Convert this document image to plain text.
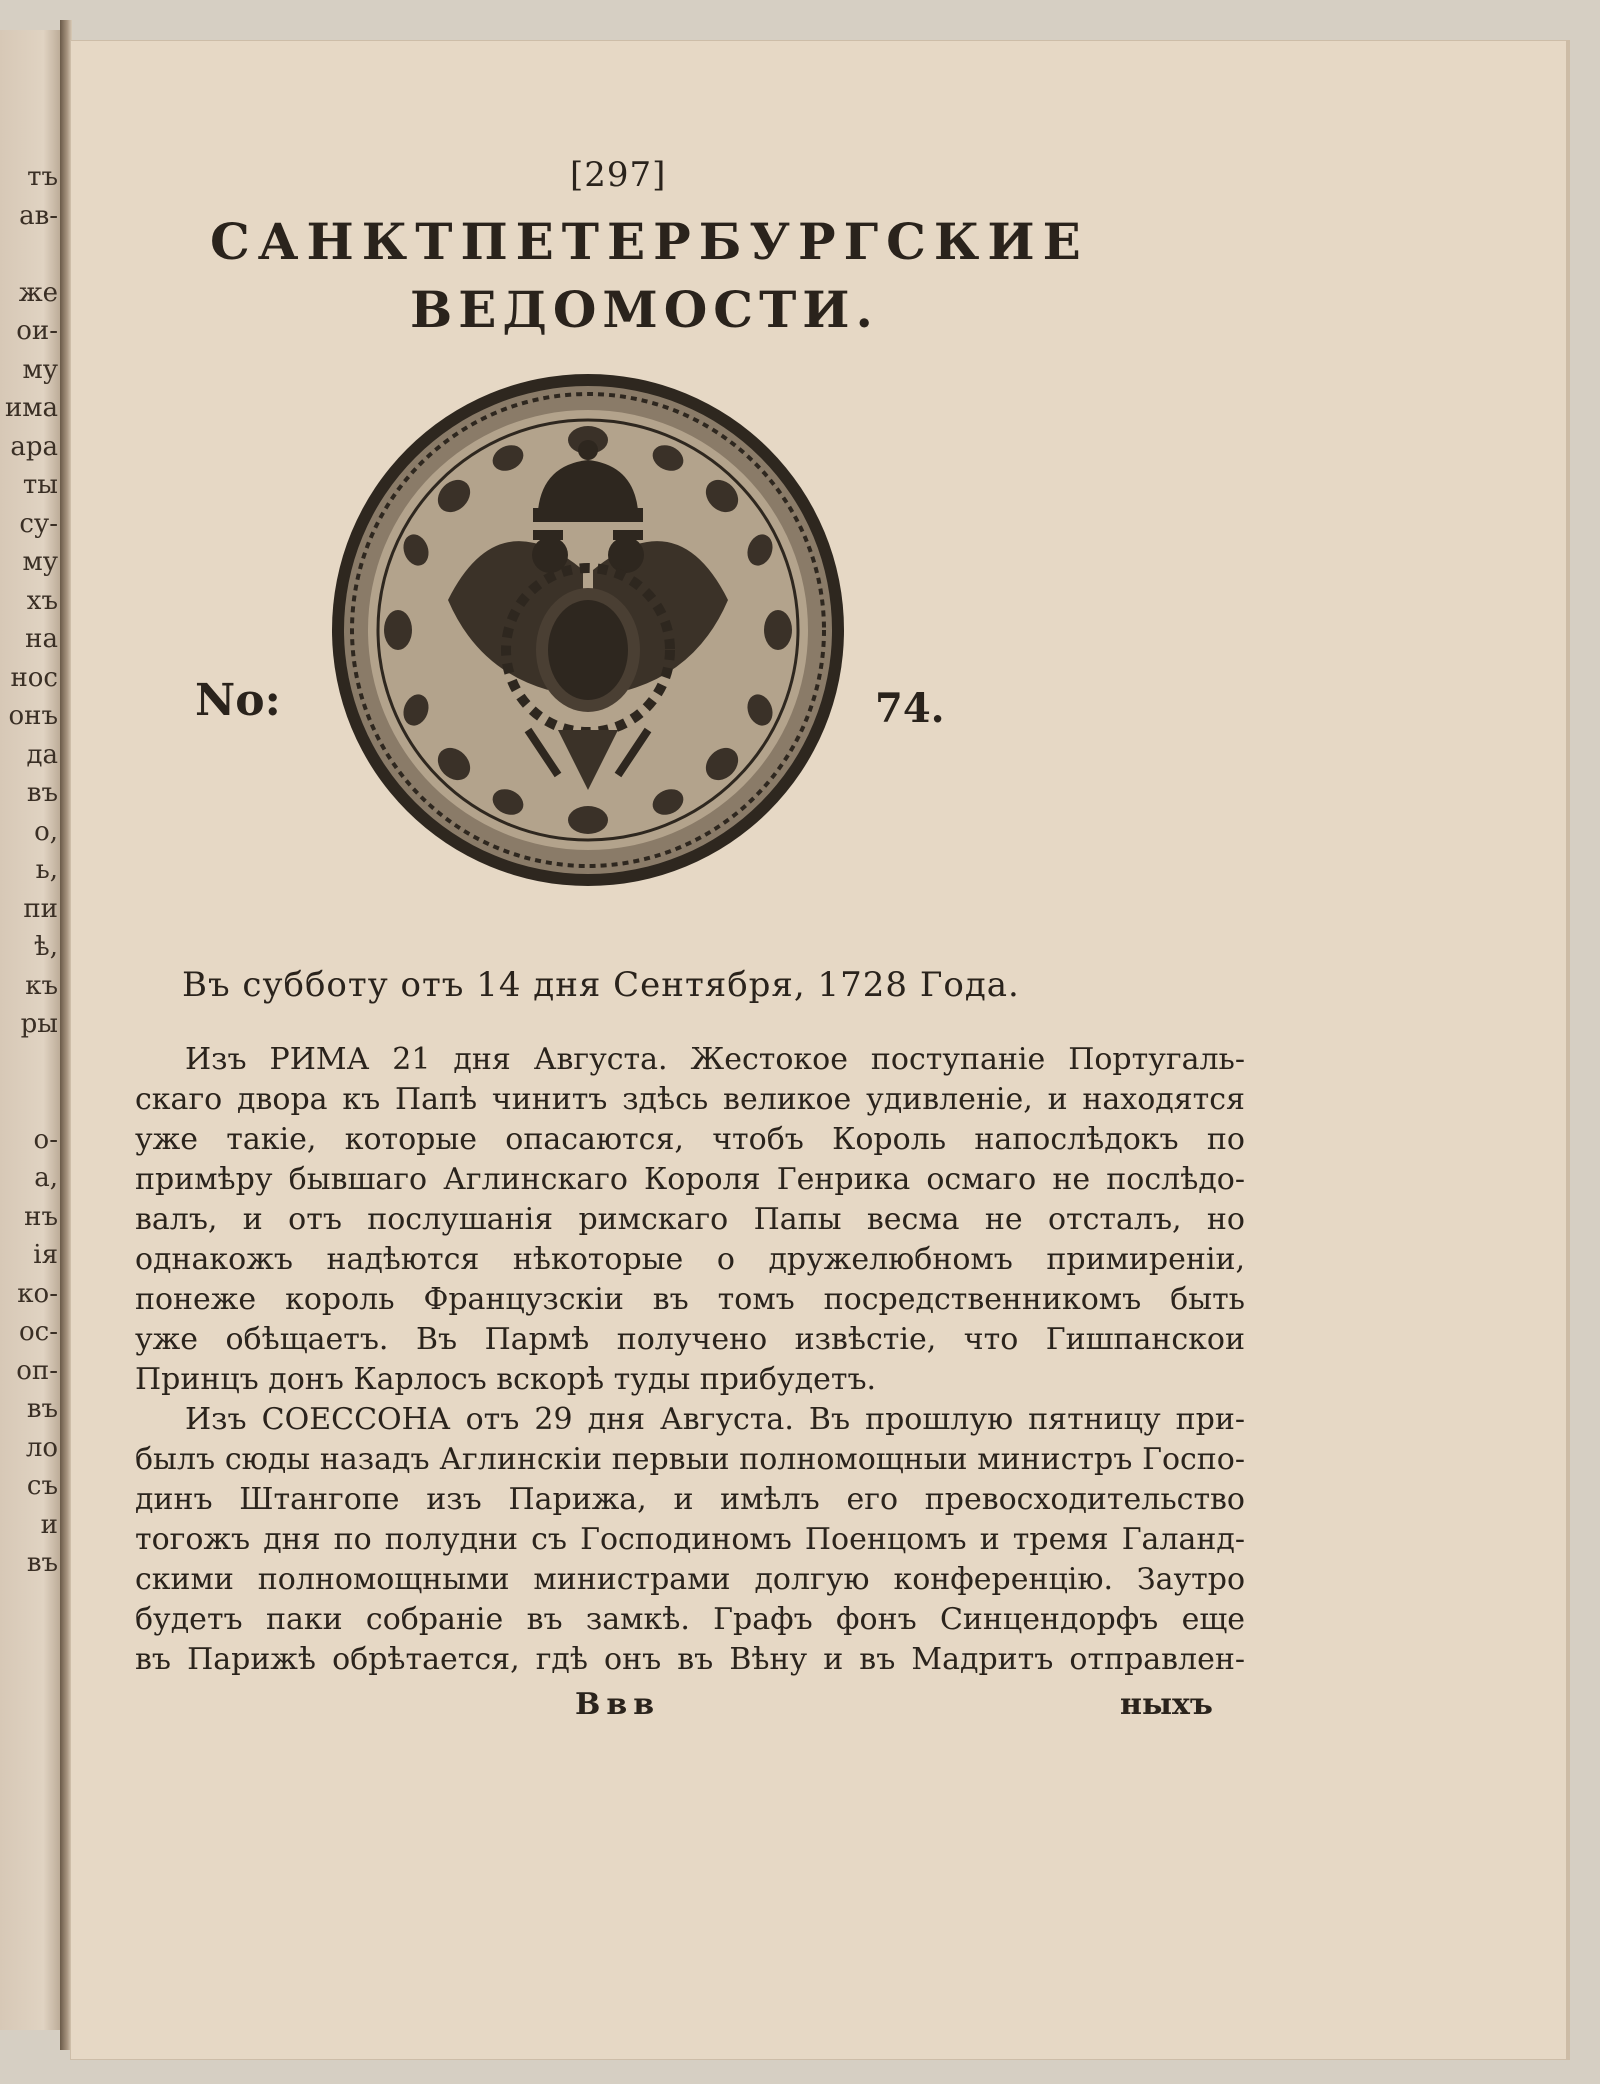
тъ
ав-
же
ои-
му
има
ара
ты
су-
му
хъ
на
нос
онъ
да
въ
о,
ь,
пи
ѣ,
къ
ры
о-
а,
нъ
ія
ко-
ос-
оп-
въ
ло
съ
и
въ
[297]
САНКТПЕТЕРБУРГСКИЕ
ВЕДОМОСТИ.
No:	74.
Въ субботу отъ 14 дня Сентября, 1728 Года.
Изъ РИМА 21 дня Августа. Жестокое поступаніе Португаль-
скаго двора къ Папѣ чинитъ здѣсь великое удивленіе, и находятся
уже такіе, которые опасаются, чтобъ Король напослѣдокъ по
примѣру бывшаго Аглинскаго Короля Генрика осмаго не послѣдо-
валъ, и отъ послушанія римскаго Папы весма не отсталъ, но
однакожъ надѣются нѣкоторые о дружелюбномъ примиреніи,
понеже король Французскіи въ томъ посредственникомъ быть
уже обѣщаетъ. Въ Пармѣ получено извѣстіе, что Гишпанскои
Принцъ донъ Карлосъ вскорѣ туды прибудетъ.
Изъ СОЕССОНА отъ 29 дня Августа. Въ прошлую пятницу при-
былъ сюды назадъ Аглинскіи первыи полномощныи министръ Госпо-
динъ Штангопе изъ Парижа, и имѣлъ его превосходительство
тогожъ дня по полудни съ Господиномъ Поенцомъ и тремя Галанд-
скими полномощными министрами долгую конференцію. Заутро
будетъ паки собраніе въ замкѣ. Графъ фонъ Синцендорфъ еще
въ Парижѣ обрѣтается, гдѣ онъ въ Вѣну и въ Мадритъ отправлен-
Ввв	ныхъ
